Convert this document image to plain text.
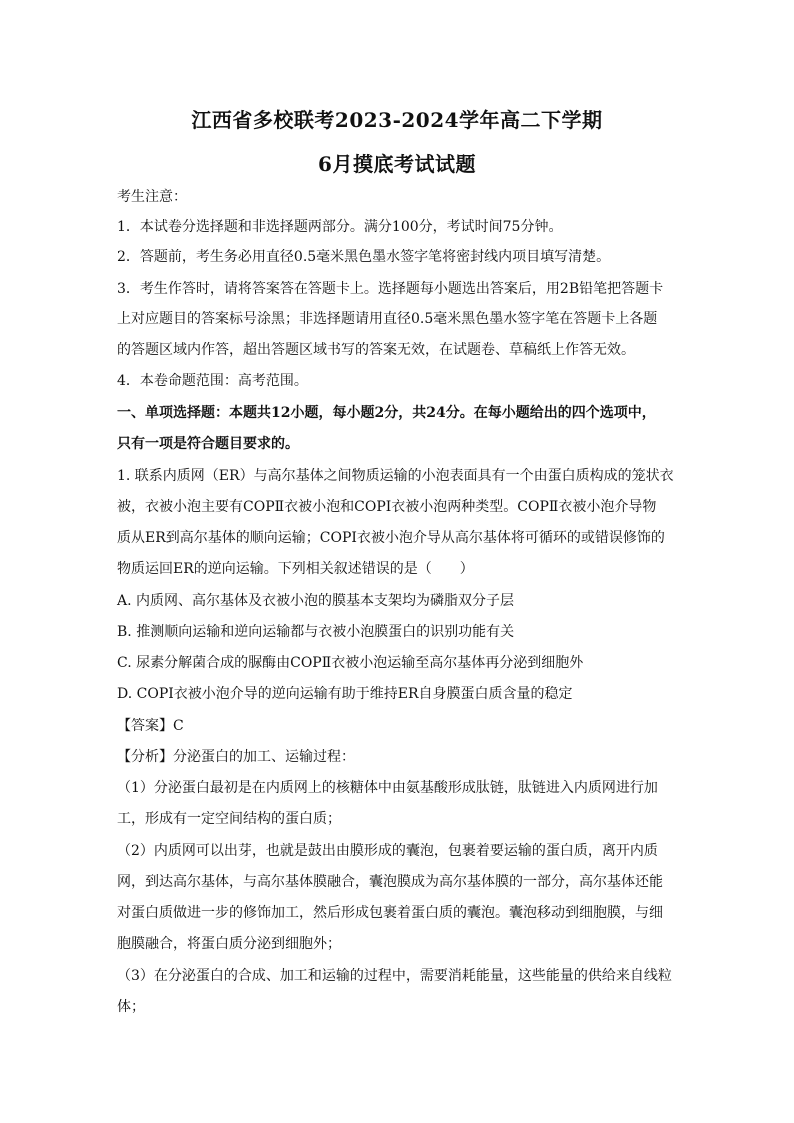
江西省多校联考2023-2024学年高二下学期
6月摸底考试试题
考生注意：
1．本试卷分选择题和非选择题两部分。满分100分，考试时间75分钟。
2．答题前，考生务必用直径0.5毫米黑色墨水签字笔将密封线内项目填写清楚。
3．考生作答时，请将答案答在答题卡上。选择题每小题选出答案后，用2B铅笔把答题卡
上对应题目的答案标号涂黑；非选择题请用直径0.5毫米黑色墨水签字笔在答题卡上各题
的答题区域内作答，超出答题区域书写的答案无效，在试题卷、草稿纸上作答无效。
4．本卷命题范围：高考范围。
一、单项选择题：本题共12小题，每小题2分，共24分。在每小题给出的四个选项中，
只有一项是符合题目要求的。
1. 联系内质网（ER）与高尔基体之间物质运输的小泡表面具有一个由蛋白质构成的笼状衣
被，衣被小泡主要有COPⅡ衣被小泡和COPI衣被小泡两种类型。COPⅡ衣被小泡介导物
质从ER到高尔基体的顺向运输；COPI衣被小泡介导从高尔基体将可循环的或错误修饰的
物质运回ER的逆向运输。下列相关叙述错误的是（　　）
A. 内质网、高尔基体及衣被小泡的膜基本支架均为磷脂双分子层
B. 推测顺向运输和逆向运输都与衣被小泡膜蛋白的识别功能有关
C. 尿素分解菌合成的脲酶由COPⅡ衣被小泡运输至高尔基体再分泌到细胞外
D. COPI衣被小泡介导的逆向运输有助于维持ER自身膜蛋白质含量的稳定
【答案】C
【分析】分泌蛋白的加工、运输过程：
（1）分泌蛋白最初是在内质网上的核糖体中由氨基酸形成肽链，肽链进入内质网进行加
工，形成有一定空间结构的蛋白质；
（2）内质网可以出芽，也就是鼓出由膜形成的囊泡，包裹着要运输的蛋白质，离开内质
网，到达高尔基体，与高尔基体膜融合，囊泡膜成为高尔基体膜的一部分，高尔基体还能
对蛋白质做进一步的修饰加工，然后形成包裹着蛋白质的囊泡。囊泡移动到细胞膜，与细
胞膜融合，将蛋白质分泌到细胞外；
（3）在分泌蛋白的合成、加工和运输的过程中，需要消耗能量，这些能量的供给来自线粒
体；
